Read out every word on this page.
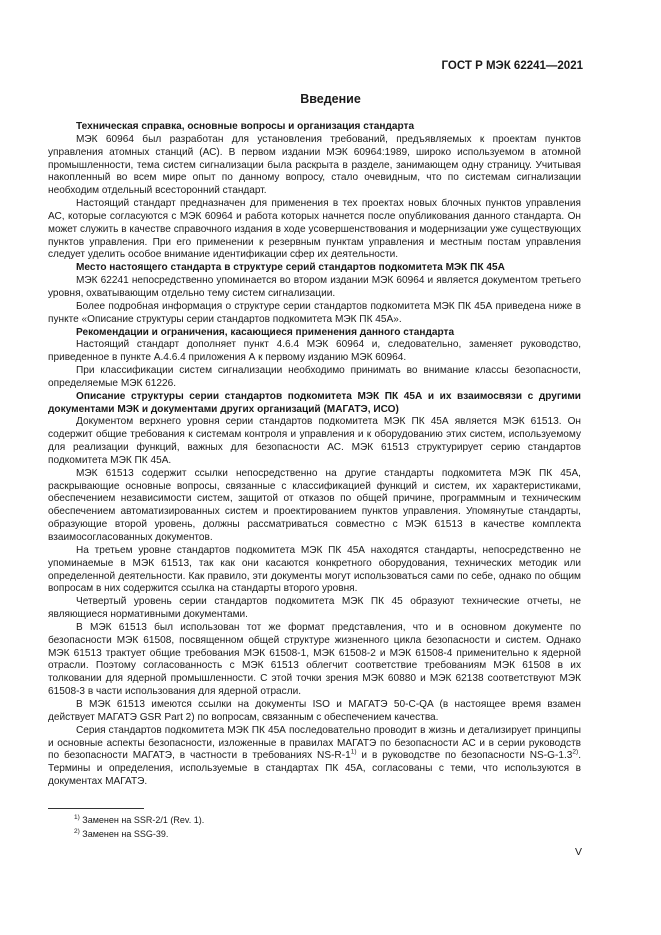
ГОСТ Р МЭК 62241—2021
Введение

Техническая справка, основные вопросы и организация стандарта

МЭК 60964 был разработан для установления требований, предъявляемых к проектам пунктов управления атомных станций (АС). В первом издании МЭК 60964:1989, широко используемом в атомной промышленности, тема систем сигнализации была раскрыта в разделе, занимающем одну страницу. Учитывая накопленный во всем мире опыт по данному вопросу, стало очевидным, что по системам сигнализации необходим отдельный всесторонний стандарт.

Настоящий стандарт предназначен для применения в тех проектах новых блочных пунктов управления АС, которые согласуются с МЭК 60964 и работа которых начнется после опубликования данного стандарта. Он может служить в качестве справочного издания в ходе усовершенствования и модернизации уже существующих пунктов управления. При его применении к резервным пунктам управления и местным постам управления следует уделить особое внимание идентификации сфер их деятельности.

Место настоящего стандарта в структуре серий стандартов подкомитета МЭК ПК 45А

МЭК 62241 непосредственно упоминается во втором издании МЭК 60964 и является документом третьего уровня, охватывающим отдельно тему систем сигнализации.

Более подробная информация о структуре серии стандартов подкомитета МЭК ПК 45А приведена ниже в пункте «Описание структуры серии стандартов подкомитета МЭК ПК 45А».

Рекомендации и ограничения, касающиеся применения данного стандарта

Настоящий стандарт дополняет пункт 4.6.4 МЭК 60964 и, следовательно, заменяет руководство, приведенное в пункте А.4.6.4 приложения А к первому изданию МЭК 60964.

При классификации систем сигнализации необходимо принимать во внимание классы безопасности, определяемые МЭК 61226.

Описание структуры серии стандартов подкомитета МЭК ПК 45А и их взаимосвязи с другими документами МЭК и документами других организаций (МАГАТЭ, ИСО)

Документом верхнего уровня серии стандартов подкомитета МЭК ПК 45А является МЭК 61513. Он содержит общие требования к системам контроля и управления и к оборудованию этих систем, используемому для реализации функций, важных для безопасности АС. МЭК 61513 структурирует серию стандартов подкомитета МЭК ПК 45А.

МЭК 61513 содержит ссылки непосредственно на другие стандарты подкомитета МЭК ПК 45А, раскрывающие основные вопросы, связанные с классификацией функций и систем, их характеристиками, обеспечением независимости систем, защитой от отказов по общей причине, программным и техническим обеспечением автоматизированных систем и проектированием пунктов управления. Упомянутые стандарты, образующие второй уровень, должны рассматриваться совместно с МЭК 61513 в качестве комплекта взаимосогласованных документов.

На третьем уровне стандартов подкомитета МЭК ПК 45А находятся стандарты, непосредственно не упоминаемые в МЭК 61513, так как они касаются конкретного оборудования, технических методик или определенной деятельности. Как правило, эти документы могут использоваться сами по себе, однако по общим вопросам в них содержится ссылка на стандарты второго уровня.

Четвертый уровень серии стандартов подкомитета МЭК ПК 45 образуют технические отчеты, не являющиеся нормативными документами.

В МЭК 61513 был использован тот же формат представления, что и в основном документе по безопасности МЭК 61508, посвященном общей структуре жизненного цикла безопасности и систем. Однако МЭК 61513 трактует общие требования МЭК 61508-1, МЭК 61508-2 и МЭК 61508-4 применительно к ядерной отрасли. Поэтому согласованность с МЭК 61513 облегчит соответствие требованиям МЭК 61508 в их толковании для ядерной промышленности. С этой точки зрения МЭК 60880 и МЭК 62138 соответствуют МЭК 61508-3 в части использования для ядерной отрасли.

В МЭК 61513 имеются ссылки на документы ISO и МАГАТЭ 50-C-QA (в настоящее время взамен действует МАГАТЭ GSR Part 2) по вопросам, связанным с обеспечением качества.

Серия стандартов подкомитета МЭК ПК 45А последовательно проводит в жизнь и детализирует принципы и основные аспекты безопасности, изложенные в правилах МАГАТЭ по безопасности АС и в серии руководств по безопасности МАГАТЭ, в частности в требованиях NS-R-1$^{1)}$ и в руководстве по безопасности NS-G-1.3$^{2)}$. Термины и определения, используемые в стандартах ПК 45А, согласованы с теми, что используются в документах МАГАТЭ.

$^{1)}$ Заменен на SSR-2/1 (Rev. 1).
$^{2)}$ Заменен на SSG-39.
V
